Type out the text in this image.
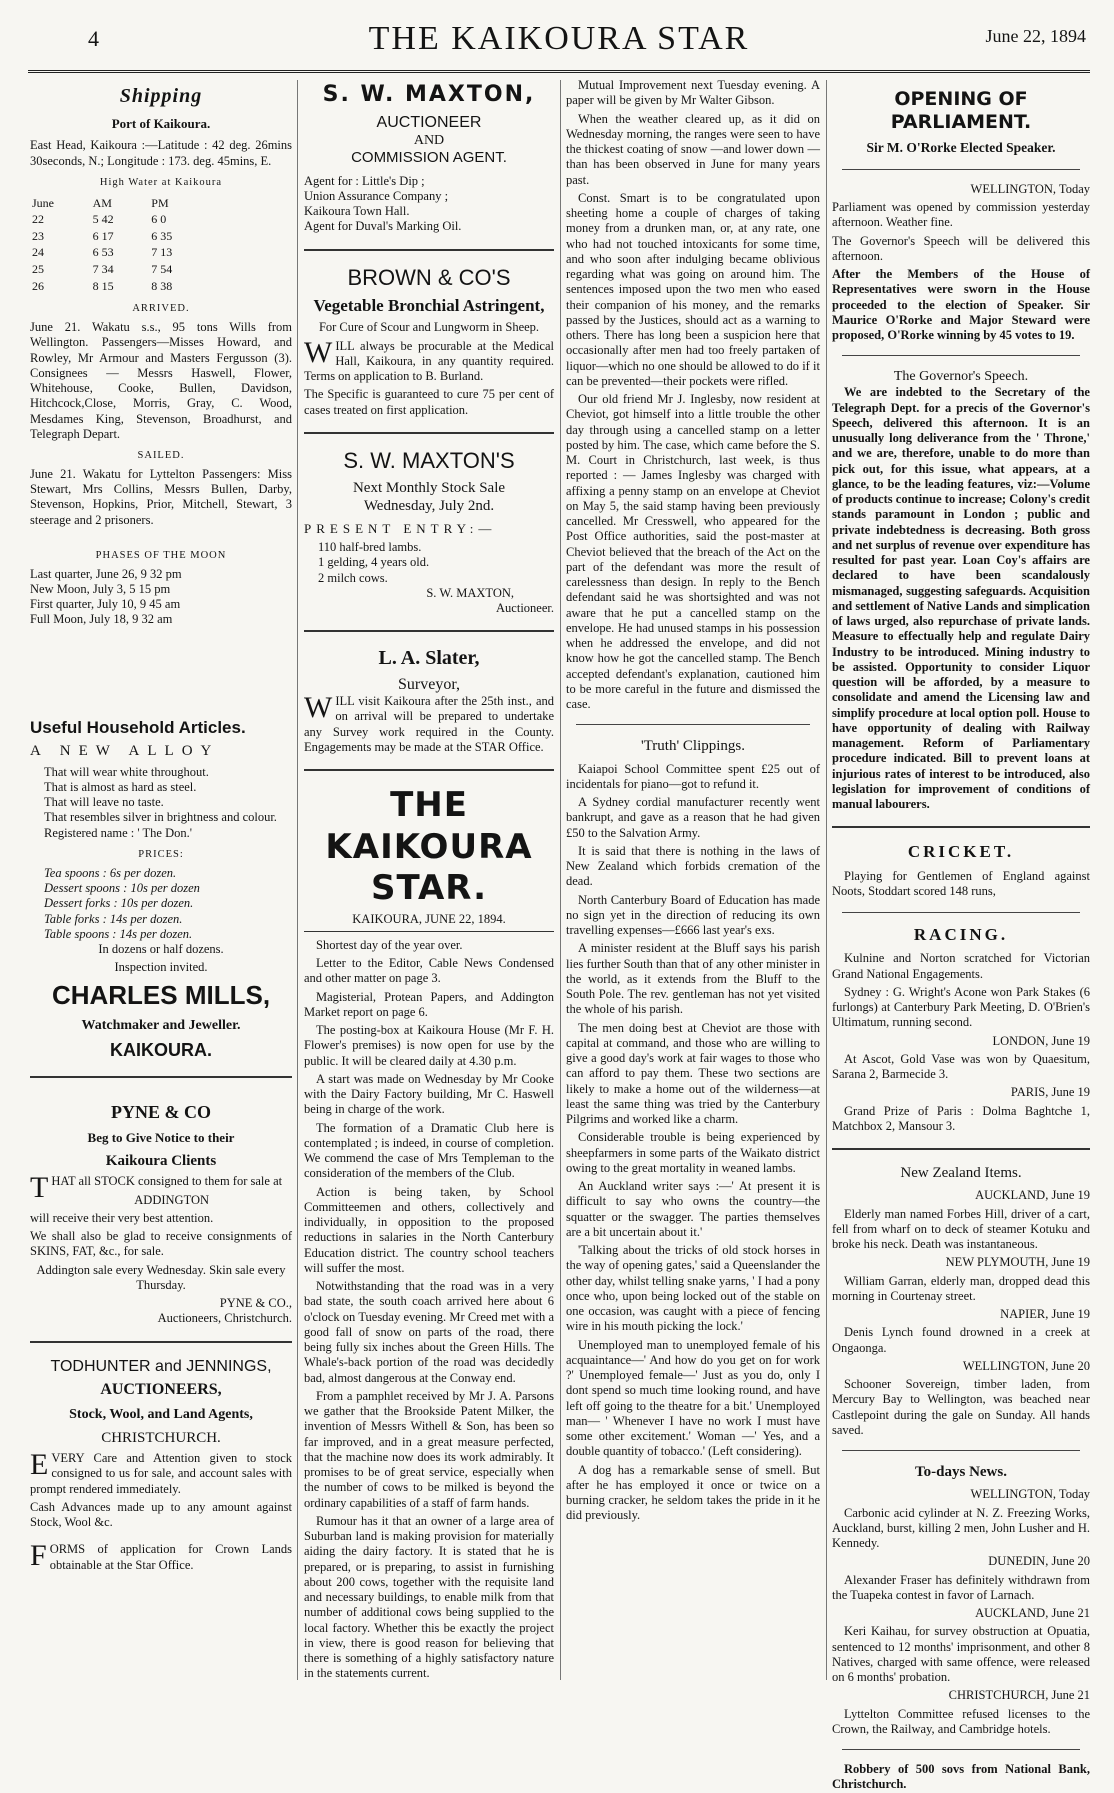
4	THE KAIKOURA STAR	June 22, 1894
Shipping
Port of Kaikoura.

East Head, Kaikoura :—Latitude : 42 deg. 26mins 30seconds, N.; Longitude : 173. deg. 45mins, E.

High Water at Kaikoura
June	AM	PM
22	5 42	6 0
23	6 17	6 35
24	6 53	7 13
25	7 34	7 54
26	8 15	8 38
ARRIVED.

June 21. Wakatu s.s., 95 tons Wills from Wellington. Passengers—Misses Howard, and Rowley, Mr Armour and Masters Fergusson (3). Consignees — Messrs Haswell, Flower, Whitehouse, Cooke, Bullen, Davidson, Hitchcock,Close, Morris, Gray, C. Wood, Mesdames King, Stevenson, Broadhurst, and Telegraph Depart.

SAILED.

June 21. Wakatu for Lyttelton Passengers: Miss Stewart, Mrs Collins, Messrs Bullen, Darby, Stevenson, Hopkins, Prior, Mitchell, Stewart, 3 steerage and 2 prisoners.

PHASES OF THE MOON

Last quarter, June 26, 9 32 pm

New Moon, July 3, 5 15 pm

First quarter, July 10, 9 45 am

Full Moon, July 18, 9 32 am

Useful Household Articles.
A NEW ALLOY

That will wear white throughout.

That is almost as hard as steel.

That will leave no taste.

That resembles silver in brightness and colour.

Registered name : ' The Don.'

PRICES:

Tea spoons : 6s per dozen.

Dessert spoons : 10s per dozen

Dessert forks : 10s per dozen.

Table forks : 14s per dozen.

Table spoons : 14s per dozen.

In dozens or half dozens.

Inspection invited.

CHARLES MILLS,
Watchmaker and Jeweller.
KAIKOURA.
PYNE & CO
Beg to Give Notice to their
Kaikoura Clients

THAT all STOCK consigned to them for sale at

ADDINGTON

will receive their very best attention.

We shall also be glad to receive consignments of SKINS, FAT, &c., for sale.

Addington sale every Wednesday. Skin sale every Thursday.

PYNE & CO.,

Auctioneers, Christchurch.

TODHUNTER and JENNINGS,
AUCTIONEERS,
Stock, Wool, and Land Agents,
CHRISTCHURCH.

EVERY Care and Attention given to stock consigned to us for sale, and account sales with prompt rendered immediately.

Cash Advances made up to any amount against Stock, Wool &c.

FORMS of application for Crown Lands obtainable at the Star Office.

S. W. MAXTON,
AUCTIONEER
AND
COMMISSION AGENT.

Agent for : Little's Dip ;

Union Assurance Company ;

Kaikoura Town Hall.

Agent for Duval's Marking Oil.

BROWN & CO'S
Vegetable Bronchial Astringent,

For Cure of Scour and Lungworm in Sheep.

WILL always be procurable at the Medical Hall, Kaikoura, in any quantity required. Terms on application to B. Burland.

The Specific is guaranteed to cure 75 per cent of cases treated on first application.

S. W. MAXTON'S
Next Monthly Stock Sale
Wednesday, July 2nd.

PRESENT ENTRY:—

110 half-bred lambs.

1 gelding, 4 years old.

2 milch cows.

S. W. MAXTON,

Auctioneer.

L. A. Slater,
Surveyor,

WILL visit Kaikoura after the 25th inst., and on arrival will be prepared to undertake any Survey work required in the County. Engagements may be made at the STAR Office.

THE KAIKOURA STAR.
KAIKOURA, JUNE 22, 1894.

Shortest day of the year over.

Letter to the Editor, Cable News Condensed and other matter on page 3.

Magisterial, Protean Papers, and Addington Market report on page 6.

The posting-box at Kaikoura House (Mr F. H. Flower's premises) is now open for use by the public. It will be cleared daily at 4.30 p.m.

A start was made on Wednesday by Mr Cooke with the Dairy Factory building, Mr C. Haswell being in charge of the work.

The formation of a Dramatic Club here is contemplated ; is indeed, in course of completion. We commend the case of Mrs Templeman to the consideration of the members of the Club.

Action is being taken, by School Committeemen and others, collectively and individually, in opposition to the proposed reductions in salaries in the North Canterbury Education district. The country school teachers will suffer the most.

Notwithstanding that the road was in a very bad state, the south coach arrived here about 6 o'clock on Tuesday evening. Mr Creed met with a good fall of snow on parts of the road, there being fully six inches about the Green Hills. The Whale's-back portion of the road was decidedly bad, almost dangerous at the Conway end.

From a pamphlet received by Mr J. A. Parsons we gather that the Brookside Patent Milker, the invention of Messrs Withell & Son, has been so far improved, and in a great measure perfected, that the machine now does its work admirably. It promises to be of great service, especially when the number of cows to be milked is beyond the ordinary capabilities of a staff of farm hands.

Rumour has it that an owner of a large area of Suburban land is making provision for materially aiding the dairy factory. It is stated that he is prepared, or is preparing, to assist in furnishing about 200 cows, together with the requisite land and necessary buildings, to enable milk from that number of additional cows being supplied to the local factory. Whether this be exactly the project in view, there is good reason for believing that there is something of a highly satisfactory nature in the statements current.

Mutual Improvement next Tuesday evening. A paper will be given by Mr Walter Gibson.

When the weather cleared up, as it did on Wednesday morning, the ranges were seen to have the thickest coating of snow —and lower down — than has been observed in June for many years past.

Const. Smart is to be congratulated upon sheeting home a couple of charges of taking money from a drunken man, or, at any rate, one who had not touched intoxicants for some time, and who soon after indulging became oblivious regarding what was going on around him. The sentences imposed upon the two men who eased their companion of his money, and the remarks passed by the Justices, should act as a warning to others. There has long been a suspicion here that occasionally after men had too freely partaken of liquor—which no one should be allowed to do if it can be prevented—their pockets were rifled.

Our old friend Mr J. Inglesby, now resident at Cheviot, got himself into a little trouble the other day through using a cancelled stamp on a letter posted by him. The case, which came before the S. M. Court in Christchurch, last week, is thus reported : — James Inglesby was charged with affixing a penny stamp on an envelope at Cheviot on May 5, the said stamp having been previously cancelled. Mr Cresswell, who appeared for the Post Office authorities, said the post-master at Cheviot believed that the breach of the Act on the part of the defendant was more the result of carelessness than design. In reply to the Bench defendant said he was shortsighted and was not aware that he put a cancelled stamp on the envelope. He had unused stamps in his possession when he addressed the envelope, and did not know how he got the cancelled stamp. The Bench accepted defendant's explanation, cautioned him to be more careful in the future and dismissed the case.

'Truth' Clippings.

Kaiapoi School Committee spent £25 out of incidentals for piano—got to refund it.

A Sydney cordial manufacturer recently went bankrupt, and gave as a reason that he had given £50 to the Salvation Army.

It is said that there is nothing in the laws of New Zealand which forbids cremation of the dead.

North Canterbury Board of Education has made no sign yet in the direction of reducing its own travelling expenses—£666 last year's exs.

A minister resident at the Bluff says his parish lies further South than that of any other minister in the world, as it extends from the Bluff to the South Pole. The rev. gentleman has not yet visited the whole of his parish.

The men doing best at Cheviot are those with capital at command, and those who are willing to give a good day's work at fair wages to those who can afford to pay them. These two sections are likely to make a home out of the wilderness—at least the same thing was tried by the Canterbury Pilgrims and worked like a charm.

Considerable trouble is being experienced by sheepfarmers in some parts of the Waikato district owing to the great mortality in weaned lambs.

An Auckland writer says :—' At present it is difficult to say who owns the country—the squatter or the swagger. The parties themselves are a bit uncertain about it.'

'Talking about the tricks of old stock horses in the way of opening gates,' said a Queenslander the other day, whilst telling snake yarns, ' I had a pony once who, upon being locked out of the stable on one occasion, was caught with a piece of fencing wire in his mouth picking the lock.'

Unemployed man to unemployed female of his acquaintance—' And how do you get on for work ?' Unemployed female—' Just as you do, only I dont spend so much time looking round, and have left off going to the theatre for a bit.' Unemployed man— ' Whenever I have no work I must have some other excitement.' Woman —' Yes, and a double quantity of tobacco.' (Left considering).

A dog has a remarkable sense of smell. But after he has employed it once or twice on a burning cracker, he seldom takes the pride in it he did previously.

OPENING OF PARLIAMENT.
Sir M. O'Rorke Elected Speaker.

WELLINGTON, Today

Parliament was opened by commission yesterday afternoon. Weather fine.

The Governor's Speech will be delivered this afternoon.

After the Members of the House of Representatives were sworn in the House proceeded to the election of Speaker. Sir Maurice O'Rorke and Major Steward were proposed, O'Rorke winning by 45 votes to 19.

The Governor's Speech.

We are indebted to the Secretary of the Telegraph Dept. for a precis of the Governor's Speech, delivered this afternoon. It is an unusually long deliverance from the ' Throne,' and we are, therefore, unable to do more than pick out, for this issue, what appears, at a glance, to be the leading features, viz:—Volume of products continue to increase; Colony's credit stands paramount in London ; public and private indebtedness is decreasing. Both gross and net surplus of revenue over expenditure has resulted for past year. Loan Coy's affairs are declared to have been scandalously mismanaged, suggesting safeguards. Acquisition and settlement of Native Lands and simplication of laws urged, also repurchase of private lands. Measure to effectually help and regulate Dairy Industry to be introduced. Mining industry to be assisted. Opportunity to consider Liquor question will be afforded, by a measure to consolidate and amend the Licensing law and simplify procedure at local option poll. House to have opportunity of dealing with Railway management. Reform of Parliamentary procedure indicated. Bill to prevent loans at injurious rates of interest to be introduced, also legislation for improvement of conditions of manual labourers.

CRICKET.

Playing for Gentlemen of England against Noots, Stoddart scored 148 runs,

RACING.

Kulnine and Norton scratched for Victorian Grand National Engagements.

Sydney : G. Wright's Acone won Park Stakes (6 furlongs) at Canterbury Park Meeting, D. O'Brien's Ultimatum, running second.

LONDON, June 19

At Ascot, Gold Vase was won by Quaesitum, Sarana 2, Barmecide 3.

PARIS, June 19

Grand Prize of Paris : Dolma Baghtche 1, Matchbox 2, Mansour 3.

New Zealand Items.

AUCKLAND, June 19

Elderly man named Forbes Hill, driver of a cart, fell from wharf on to deck of steamer Kotuku and broke his neck. Death was instantaneous.

NEW PLYMOUTH, June 19

William Garran, elderly man, dropped dead this morning in Courtenay street.

NAPIER, June 19

Denis Lynch found drowned in a creek at Ongaonga.

WELLINGTON, June 20

Schooner Sovereign, timber laden, from Mercury Bay to Wellington, was beached near Castlepoint during the gale on Sunday. All hands saved.

To-days News.

WELLINGTON, Today

Carbonic acid cylinder at N. Z. Freezing Works, Auckland, burst, killing 2 men, John Lusher and H. Kennedy.

DUNEDIN, June 20

Alexander Fraser has definitely withdrawn from the Tuapeka contest in favor of Larnach.

AUCKLAND, June 21

Keri Kaihau, for survey obstruction at Opuatia, sentenced to 12 months' imprisonment, and other 8 Natives, charged with same offence, were released on 6 months' probation.

CHRISTCHURCH, June 21

Lyttelton Committee refused licenses to the Crown, the Railway, and Cambridge hotels.

Robbery of 500 sovs from National Bank, Christchurch.
